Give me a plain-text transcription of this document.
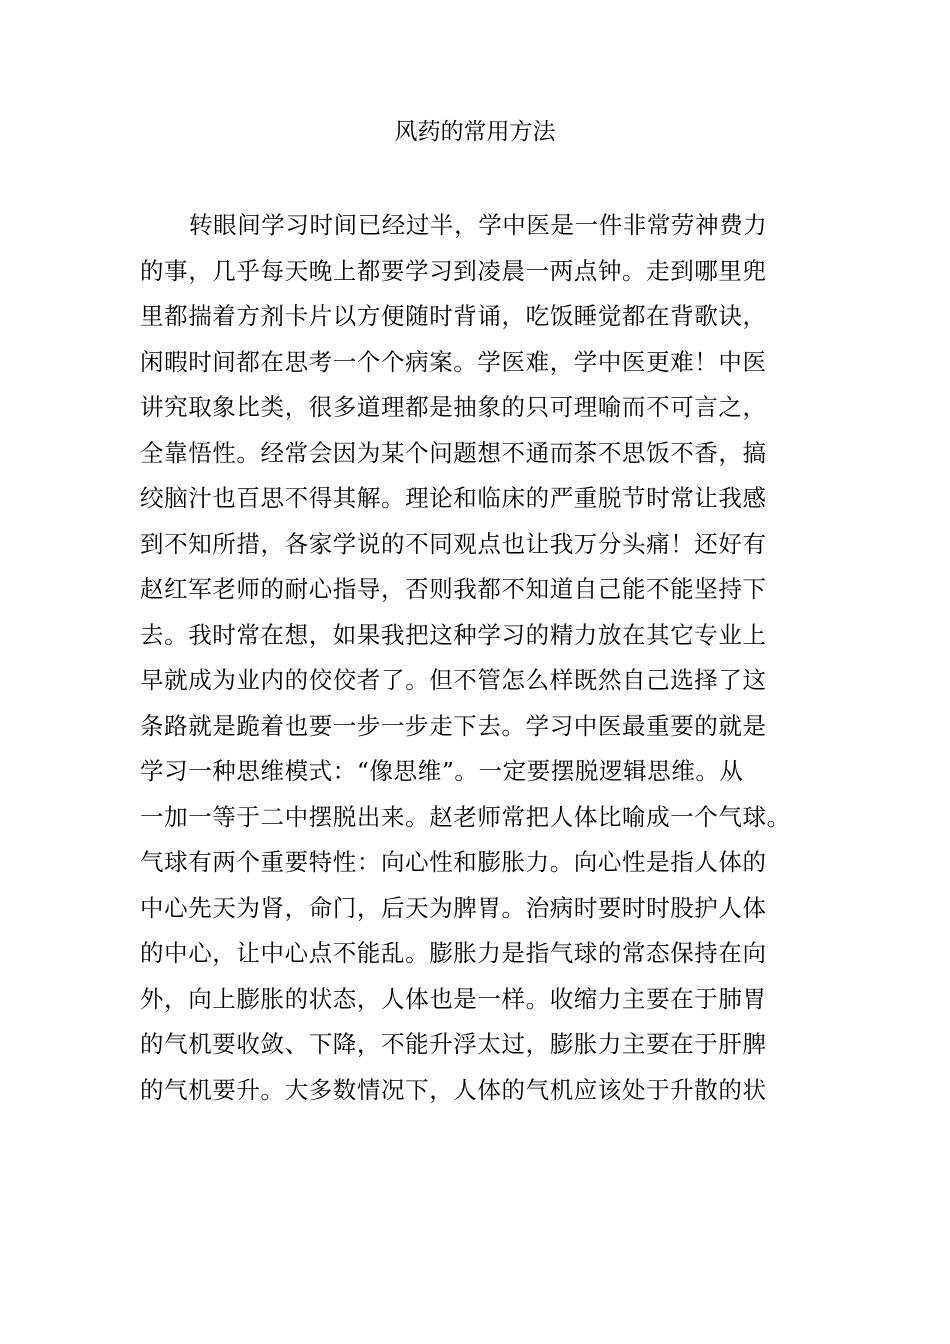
风药的常用方法
转眼间学习时间已经过半，学中医是一件非常劳神费力
的事，几乎每天晚上都要学习到凌晨一两点钟。走到哪里兜
里都揣着方剂卡片以方便随时背诵，吃饭睡觉都在背歌诀，
闲暇时间都在思考一个个病案。学医难，学中医更难！中医
讲究取象比类，很多道理都是抽象的只可理喻而不可言之，
全靠悟性。经常会因为某个问题想不通而茶不思饭不香，搞
绞脑汁也百思不得其解。理论和临床的严重脱节时常让我感
到不知所措，各家学说的不同观点也让我万分头痛！还好有
赵红军老师的耐心指导，否则我都不知道自己能不能坚持下
去。我时常在想，如果我把这种学习的精力放在其它专业上
早就成为业内的佼佼者了。但不管怎么样既然自己选择了这
条路就是跪着也要一步一步走下去。学习中医最重要的就是
学习一种思维模式：“像思维”。一定要摆脱逻辑思维。从
一加一等于二中摆脱出来。赵老师常把人体比喻成一个气球。
气球有两个重要特性：向心性和膨胀力。向心性是指人体的
中心先天为肾，命门，后天为脾胃。治病时要时时股护人体
的中心，让中心点不能乱。膨胀力是指气球的常态保持在向
外，向上膨胀的状态，人体也是一样。收缩力主要在于肺胃
的气机要收敛、下降，不能升浮太过，膨胀力主要在于肝脾
的气机要升。大多数情况下，人体的气机应该处于升散的状
